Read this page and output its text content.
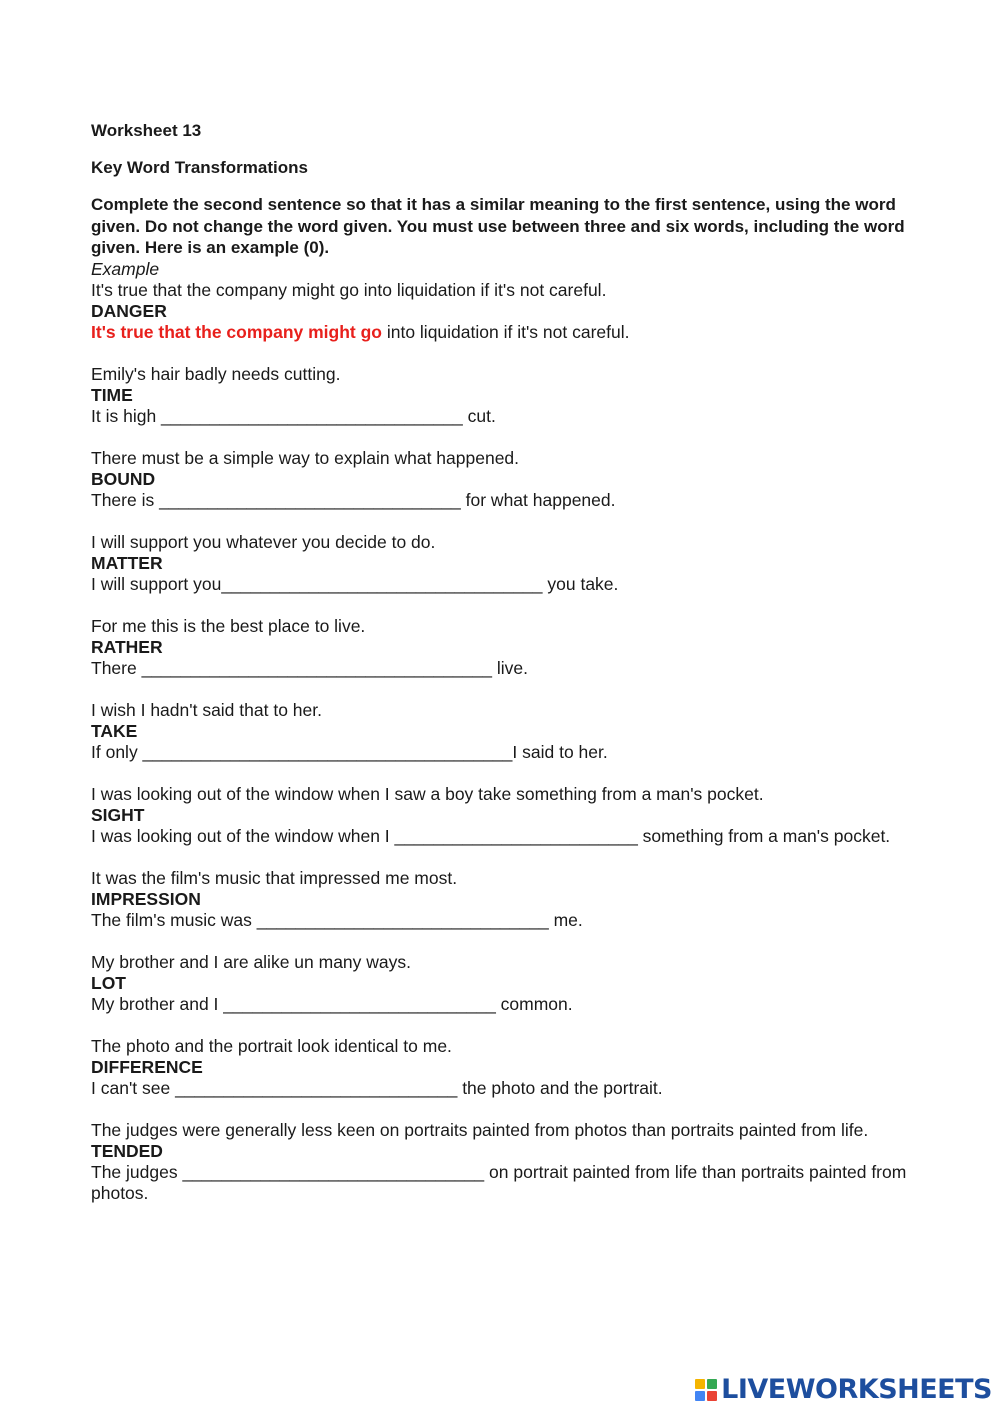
Worksheet 13

Key Word Transformations

Complete the second sentence so that it has a similar meaning to the first sentence, using the word given. Do not change the word given. You must use between three and six words, including the word given. Here is an example (0).

Example

It's true that the company might go into liquidation if it's not careful.

DANGER

It's true that the company might go into liquidation if it's not careful.

Emily's hair badly needs cutting.

TIME

It is high _______________________________ cut.

There must be a simple way to explain what happened.

BOUND

There is _______________________________ for what happened.

I will support you whatever you decide to do.

MATTER

I will support you_________________________________ you take.

For me this is the best place to live.

RATHER

There ____________________________________ live.

I wish I hadn't said that to her.

TAKE

If only ______________________________________I said to her.

I was looking out of the window when I saw a boy take something from a man's pocket.

SIGHT

I was looking out of the window when I _________________________ something from a man's pocket.

It was the film's music that impressed me most.

IMPRESSION

The film's music was ______________________________ me.

My brother and I are alike un many ways.

LOT

My brother and I ____________________________ common.

The photo and the portrait look identical to me.

DIFFERENCE

I can't see _____________________________ the photo and the portrait.

The judges were generally less keen on portraits painted from photos than portraits painted from life.

TENDED

The judges _______________________________ on portrait painted from life than portraits painted from photos.

LIVEWORKSHEETS
